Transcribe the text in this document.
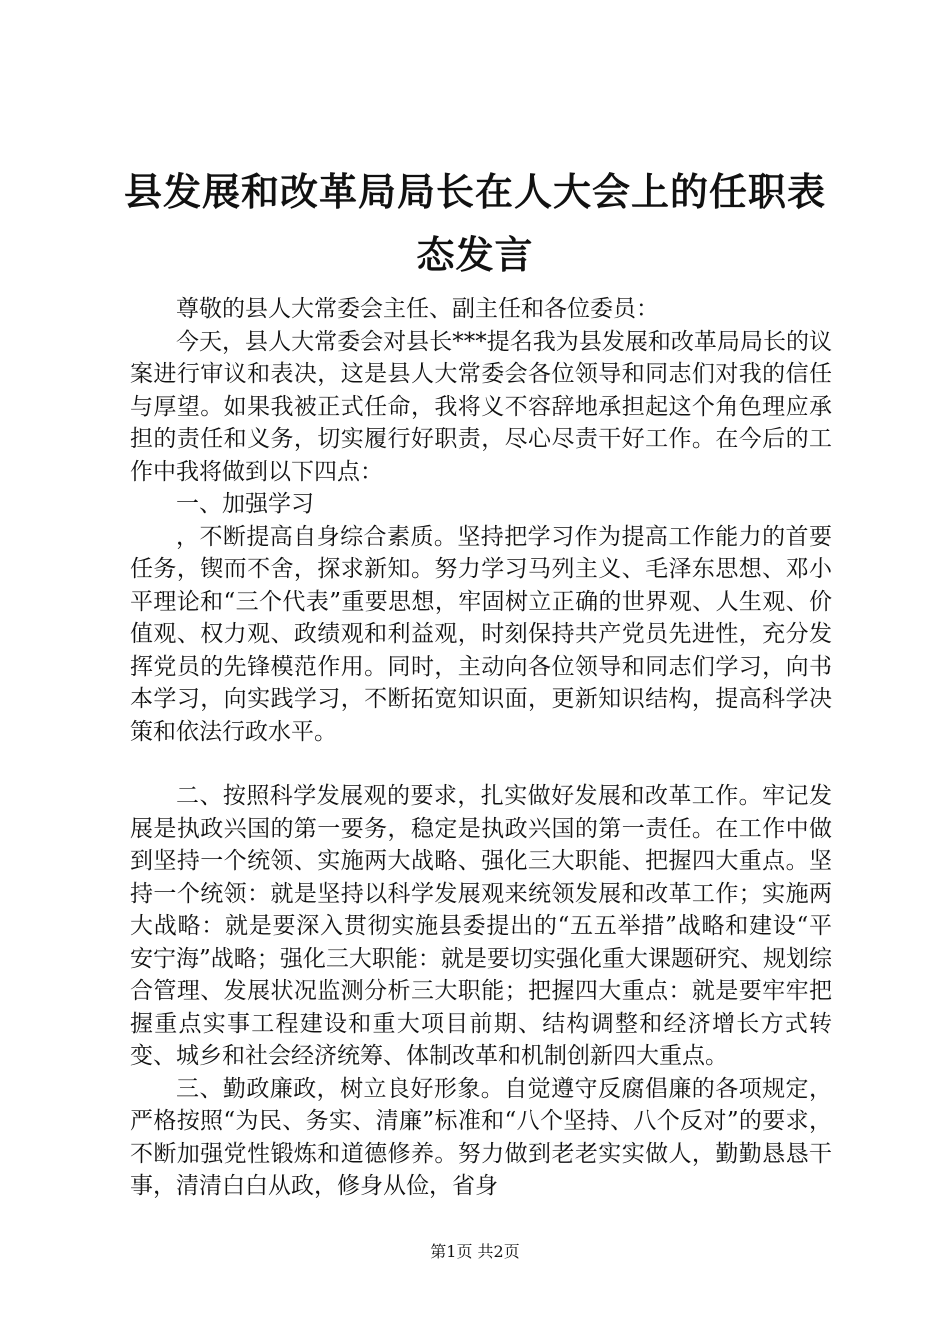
县发展和改革局局长在人大会上的任职表态发言

尊敬的县人大常委会主任、副主任和各位委员：

今天，县人大常委会对县长***提名我为县发展和改革局局长的议案进行审议和表决，这是县人大常委会各位领导和同志们对我的信任与厚望。如果我被正式任命，我将义不容辞地承担起这个角色理应承担的责任和义务，切实履行好职责，尽心尽责干好工作。在今后的工作中我将做到以下四点：

一、加强学习

，不断提高自身综合素质。坚持把学习作为提高工作能力的首要任务，锲而不舍，探求新知。努力学习马列主义、毛泽东思想、邓小平理论和“三个代表”重要思想，牢固树立正确的世界观、人生观、价值观、权力观、政绩观和利益观，时刻保持共产党员先进性，充分发挥党员的先锋模范作用。同时，主动向各位领导和同志们学习，向书本学习，向实践学习，不断拓宽知识面，更新知识结构，提高科学决策和依法行政水平。

二、按照科学发展观的要求，扎实做好发展和改革工作。牢记发展是执政兴国的第一要务，稳定是执政兴国的第一责任。在工作中做到坚持一个统领、实施两大战略、强化三大职能、把握四大重点。坚持一个统领：就是坚持以科学发展观来统领发展和改革工作；实施两大战略：就是要深入贯彻实施县委提出的“五五举措”战略和建设“平安宁海”战略；强化三大职能：就是要切实强化重大课题研究、规划综合管理、发展状况监测分析三大职能；把握四大重点：就是要牢牢把握重点实事工程建设和重大项目前期、结构调整和经济增长方式转变、城乡和社会经济统筹、体制改革和机制创新四大重点。

三、勤政廉政，树立良好形象。自觉遵守反腐倡廉的各项规定，严格按照“为民、务实、清廉”标准和“八个坚持、八个反对”的要求，不断加强党性锻炼和道德修养。努力做到老老实实做人，勤勤恳恳干事，清清白白从政，修身从俭，省身

第1页 共2页
